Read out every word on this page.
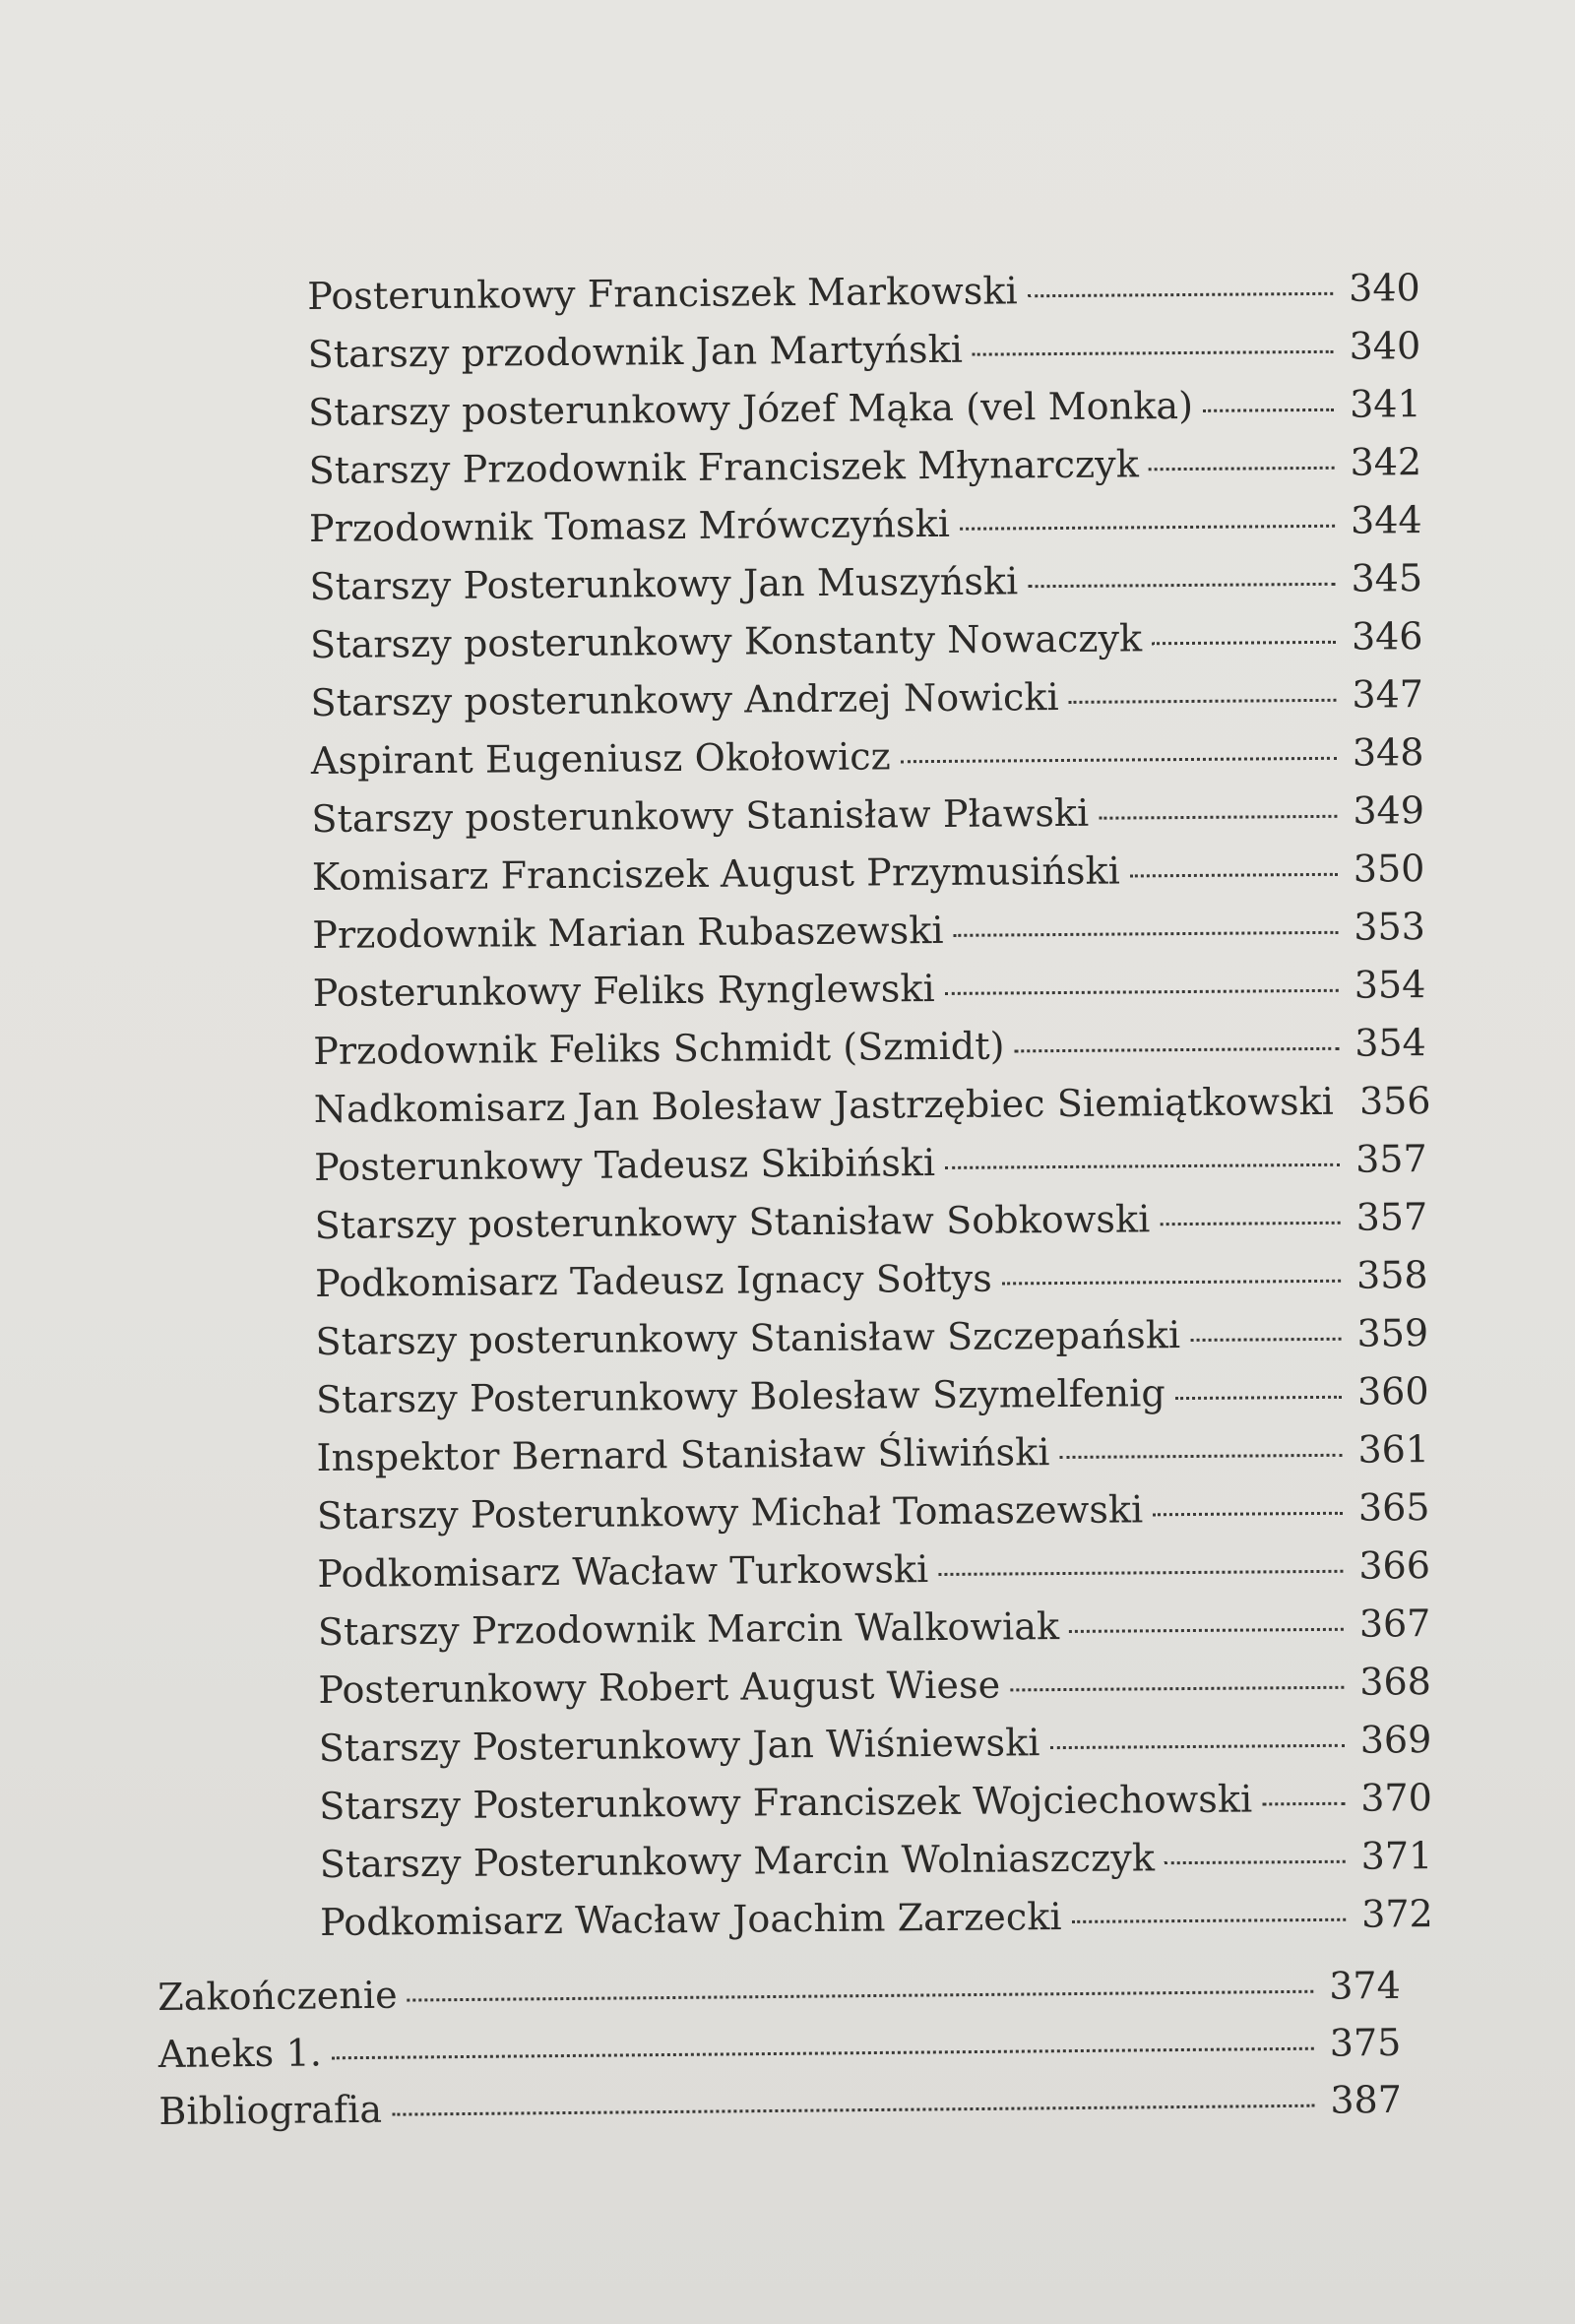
Posterunkowy Franciszek Markowski	340
Starszy przodownik Jan Martyński	340
Starszy posterunkowy Józef Mąka (vel Monka)	341
Starszy Przodownik Franciszek Młynarczyk	342
Przodownik Tomasz Mrówczyński	344
Starszy Posterunkowy Jan Muszyński	345
Starszy posterunkowy Konstanty Nowaczyk	346
Starszy posterunkowy Andrzej Nowicki	347
Aspirant Eugeniusz Okołowicz	348
Starszy posterunkowy Stanisław Pławski	349
Komisarz Franciszek August Przymusiński	350
Przodownik Marian Rubaszewski	353
Posterunkowy Feliks Rynglewski	354
Przodownik Feliks Schmidt (Szmidt)	354
Nadkomisarz Jan Bolesław Jastrzębiec Siemiątkowski 356
Posterunkowy Tadeusz Skibiński	357
Starszy posterunkowy Stanisław Sobkowski	357
Podkomisarz Tadeusz Ignacy Sołtys	358
Starszy posterunkowy Stanisław Szczepański	359
Starszy Posterunkowy Bolesław Szymelfenig	360
Inspektor Bernard Stanisław Śliwiński	361
Starszy Posterunkowy Michał Tomaszewski	365
Podkomisarz Wacław Turkowski	366
Starszy Przodownik Marcin Walkowiak	367
Posterunkowy Robert August Wiese	368
Starszy Posterunkowy Jan Wiśniewski	369
Starszy Posterunkowy Franciszek Wojciechowski	370
Starszy Posterunkowy Marcin Wolniaszczyk	371
Podkomisarz Wacław Joachim Zarzecki	372
Zakończenie	374
Aneks 1.	375
Bibliografia	387
